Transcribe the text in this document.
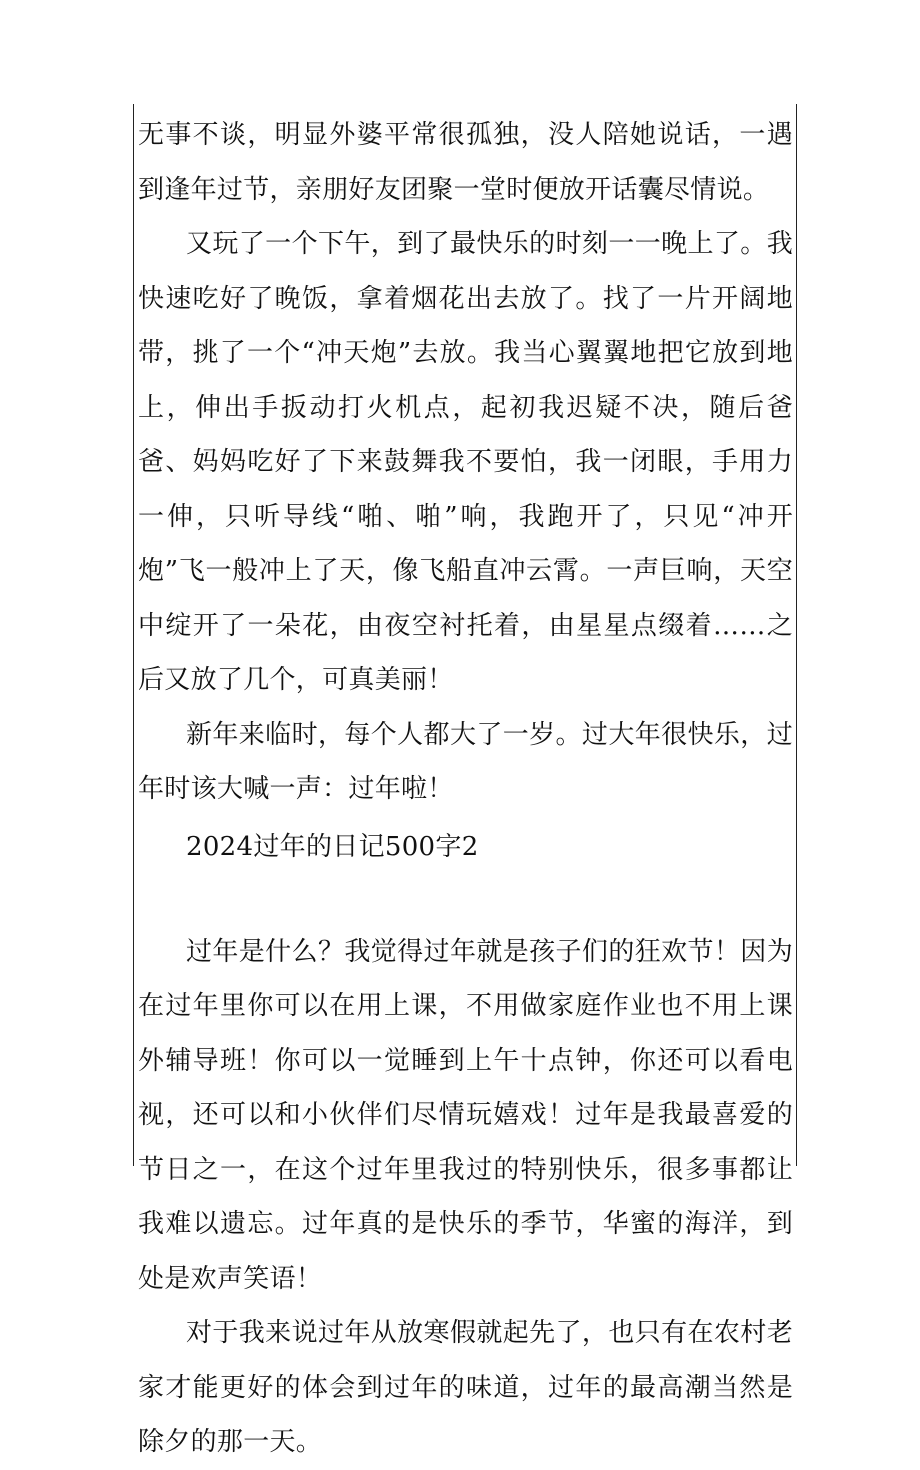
无事不谈，明显外婆平常很孤独，没人陪她说话，一遇到逢年过节，亲朋好友团聚一堂时便放开话囊尽情说。

又玩了一个下午，到了最快乐的时刻一一晚上了。我快速吃好了晚饭，拿着烟花出去放了。找了一片开阔地带，挑了一个“冲天炮”去放。我当心翼翼地把它放到地上，伸出手扳动打火机点，起初我迟疑不决，随后爸爸、妈妈吃好了下来鼓舞我不要怕，我一闭眼，手用力一伸，只听导线“啪、啪”响，我跑开了，只见“冲开炮”飞一般冲上了天，像飞船直冲云霄。一声巨响，天空中绽开了一朵花，由夜空衬托着，由星星点缀着……之后又放了几个，可真美丽！

新年来临时，每个人都大了一岁。过大年很快乐，过年时该大喊一声：过年啦！

2024过年的日记500字2

过年是什么？我觉得过年就是孩子们的狂欢节！因为在过年里你可以在用上课，不用做家庭作业也不用上课外辅导班！你可以一觉睡到上午十点钟，你还可以看电视，还可以和小伙伴们尽情玩嬉戏！过年是我最喜爱的节日之一，在这个过年里我过的特别快乐，很多事都让我难以遗忘。过年真的是快乐的季节，华蜜的海洋，到处是欢声笑语！

对于我来说过年从放寒假就起先了，也只有在农村老家才能更好的体会到过年的味道，过年的最高潮当然是除夕的那一天。
